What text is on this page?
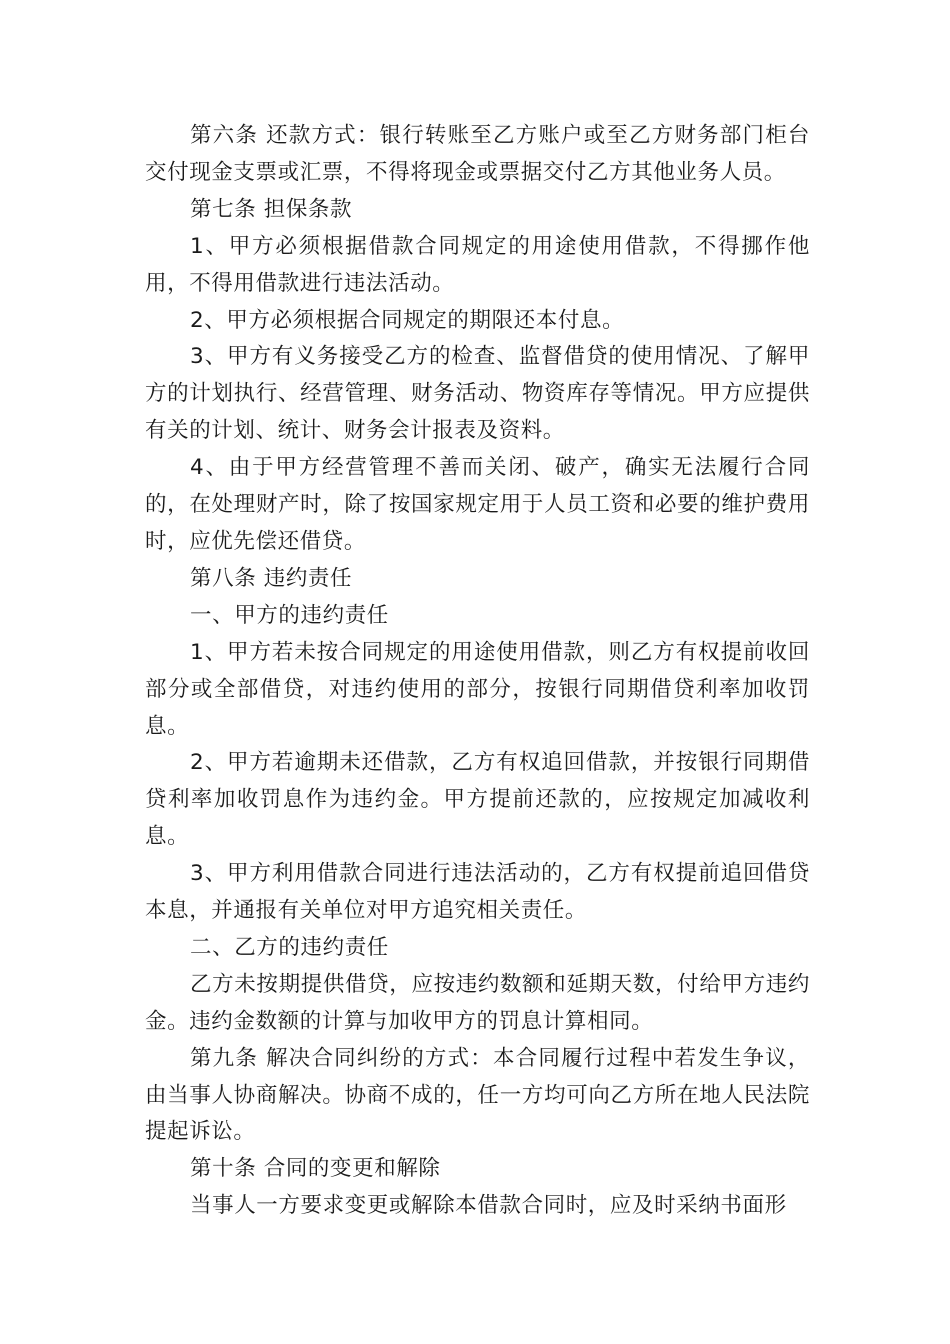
第六条 还款方式：银行转账至乙方账户或至乙方财务部门柜台交付现金支票或汇票，不得将现金或票据交付乙方其他业务人员。

第七条 担保条款

1、甲方必须根据借款合同规定的用途使用借款，不得挪作他用，不得用借款进行违法活动。

2、甲方必须根据合同规定的期限还本付息。

3、甲方有义务接受乙方的检查、监督借贷的使用情况、了解甲方的计划执行、经营管理、财务活动、物资库存等情况。甲方应提供有关的计划、统计、财务会计报表及资料。

4、由于甲方经营管理不善而关闭、破产，确实无法履行合同的，在处理财产时，除了按国家规定用于人员工资和必要的维护费用时，应优先偿还借贷。

第八条 违约责任

一、甲方的违约责任

1、甲方若未按合同规定的用途使用借款，则乙方有权提前收回部分或全部借贷，对违约使用的部分，按银行同期借贷利率加收罚息。

2、甲方若逾期未还借款，乙方有权追回借款，并按银行同期借贷利率加收罚息作为违约金。甲方提前还款的，应按规定加减收利息。

3、甲方利用借款合同进行违法活动的，乙方有权提前追回借贷本息，并通报有关单位对甲方追究相关责任。

二、乙方的违约责任

乙方未按期提供借贷，应按违约数额和延期天数，付给甲方违约金。违约金数额的计算与加收甲方的罚息计算相同。

第九条 解决合同纠纷的方式：本合同履行过程中若发生争议，由当事人协商解决。协商不成的，任一方均可向乙方所在地人民法院提起诉讼。

第十条 合同的变更和解除

当事人一方要求变更或解除本借款合同时，应及时采纳书面形
